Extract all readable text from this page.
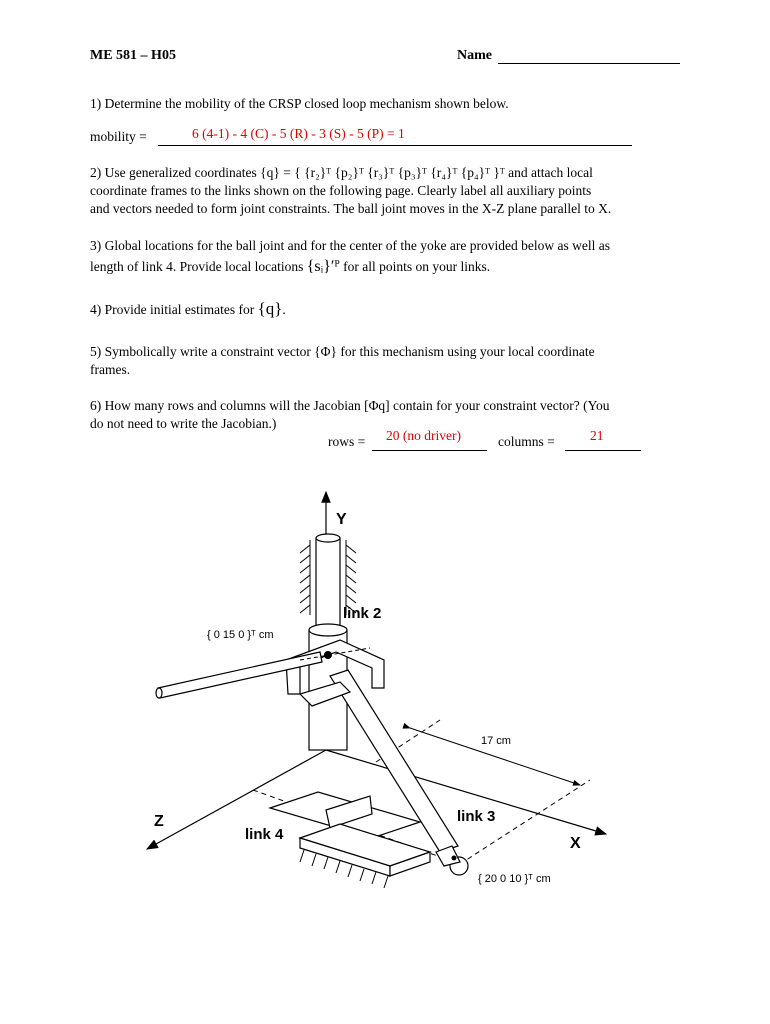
ME 581 – H05	Name
1) Determine the mobility of the CRSP closed loop mechanism shown below.
mobility =	6 (4-1) - 4 (C) - 5 (R) - 3 (S) - 5 (P) = 1
2) Use generalized coordinates {q} = { {r₂}ᵀ {p₂}ᵀ {r₃}ᵀ {p₃}ᵀ {r₄}ᵀ {p₄}ᵀ }ᵀ and attach local
coordinate frames to the links shown on the following page. Clearly label all auxiliary points
and vectors needed to form joint constraints. The ball joint moves in the X-Z plane parallel to X.
3) Global locations for the ball joint and for the center of the yoke are provided below as well as
length of link 4. Provide local locations {sᵢ}′ᴾ for all points on your links.
4) Provide initial estimates for {q}.
5) Symbolically write a constraint vector {Φ} for this mechanism using your local coordinate
frames.
6) How many rows and columns will the Jacobian [Φq] contain for your constraint vector? (You
do not need to write the Jacobian.)
rows = 20 (no driver)	columns =	21
Y
X
Z
link 2
link 3
link 4
{ 0 15 0 }ᵀ cm
{ 20 0 10 }ᵀ cm
17 cm
